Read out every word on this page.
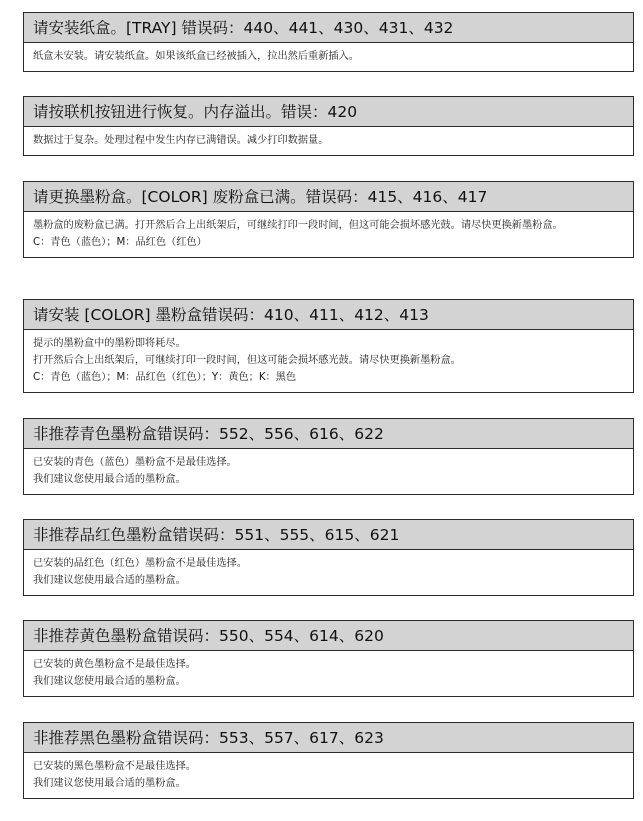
请安装纸盒。[TRAY] 错误码：440、441、430、431、432
纸盒未安装。请安装纸盒。如果该纸盒已经被插入，拉出然后重新插入。
请按联机按钮进行恢复。内存溢出。错误：420
数据过于复杂。处理过程中发生内存已满错误。减少打印数据量。
请更换墨粉盒。[COLOR] 废粉盒已满。错误码：415、416、417
墨粉盒的废粉盒已满。打开然后合上出纸架后，可继续打印一段时间，但这可能会损坏感光鼓。请尽快更换新墨粉盒。
C：青色（蓝色）；M：品红色（红色）
请安装 [COLOR] 墨粉盒错误码：410、411、412、413
提示的墨粉盒中的墨粉即将耗尽。
打开然后合上出纸架后，可继续打印一段时间，但这可能会损坏感光鼓。请尽快更换新墨粉盒。
C：青色（蓝色）；M：品红色（红色）；Y：黄色；K：黑色
非推荐青色墨粉盒错误码：552、556、616、622
已安装的青色（蓝色）墨粉盒不是最佳选择。
我们建议您使用最合适的墨粉盒。
非推荐品红色墨粉盒错误码：551、555、615、621
已安装的品红色（红色）墨粉盒不是最佳选择。
我们建议您使用最合适的墨粉盒。
非推荐黄色墨粉盒错误码：550、554、614、620
已安装的黄色墨粉盒不是最佳选择。
我们建议您使用最合适的墨粉盒。
非推荐黑色墨粉盒错误码：553、557、617、623
已安装的黑色墨粉盒不是最佳选择。
我们建议您使用最合适的墨粉盒。
